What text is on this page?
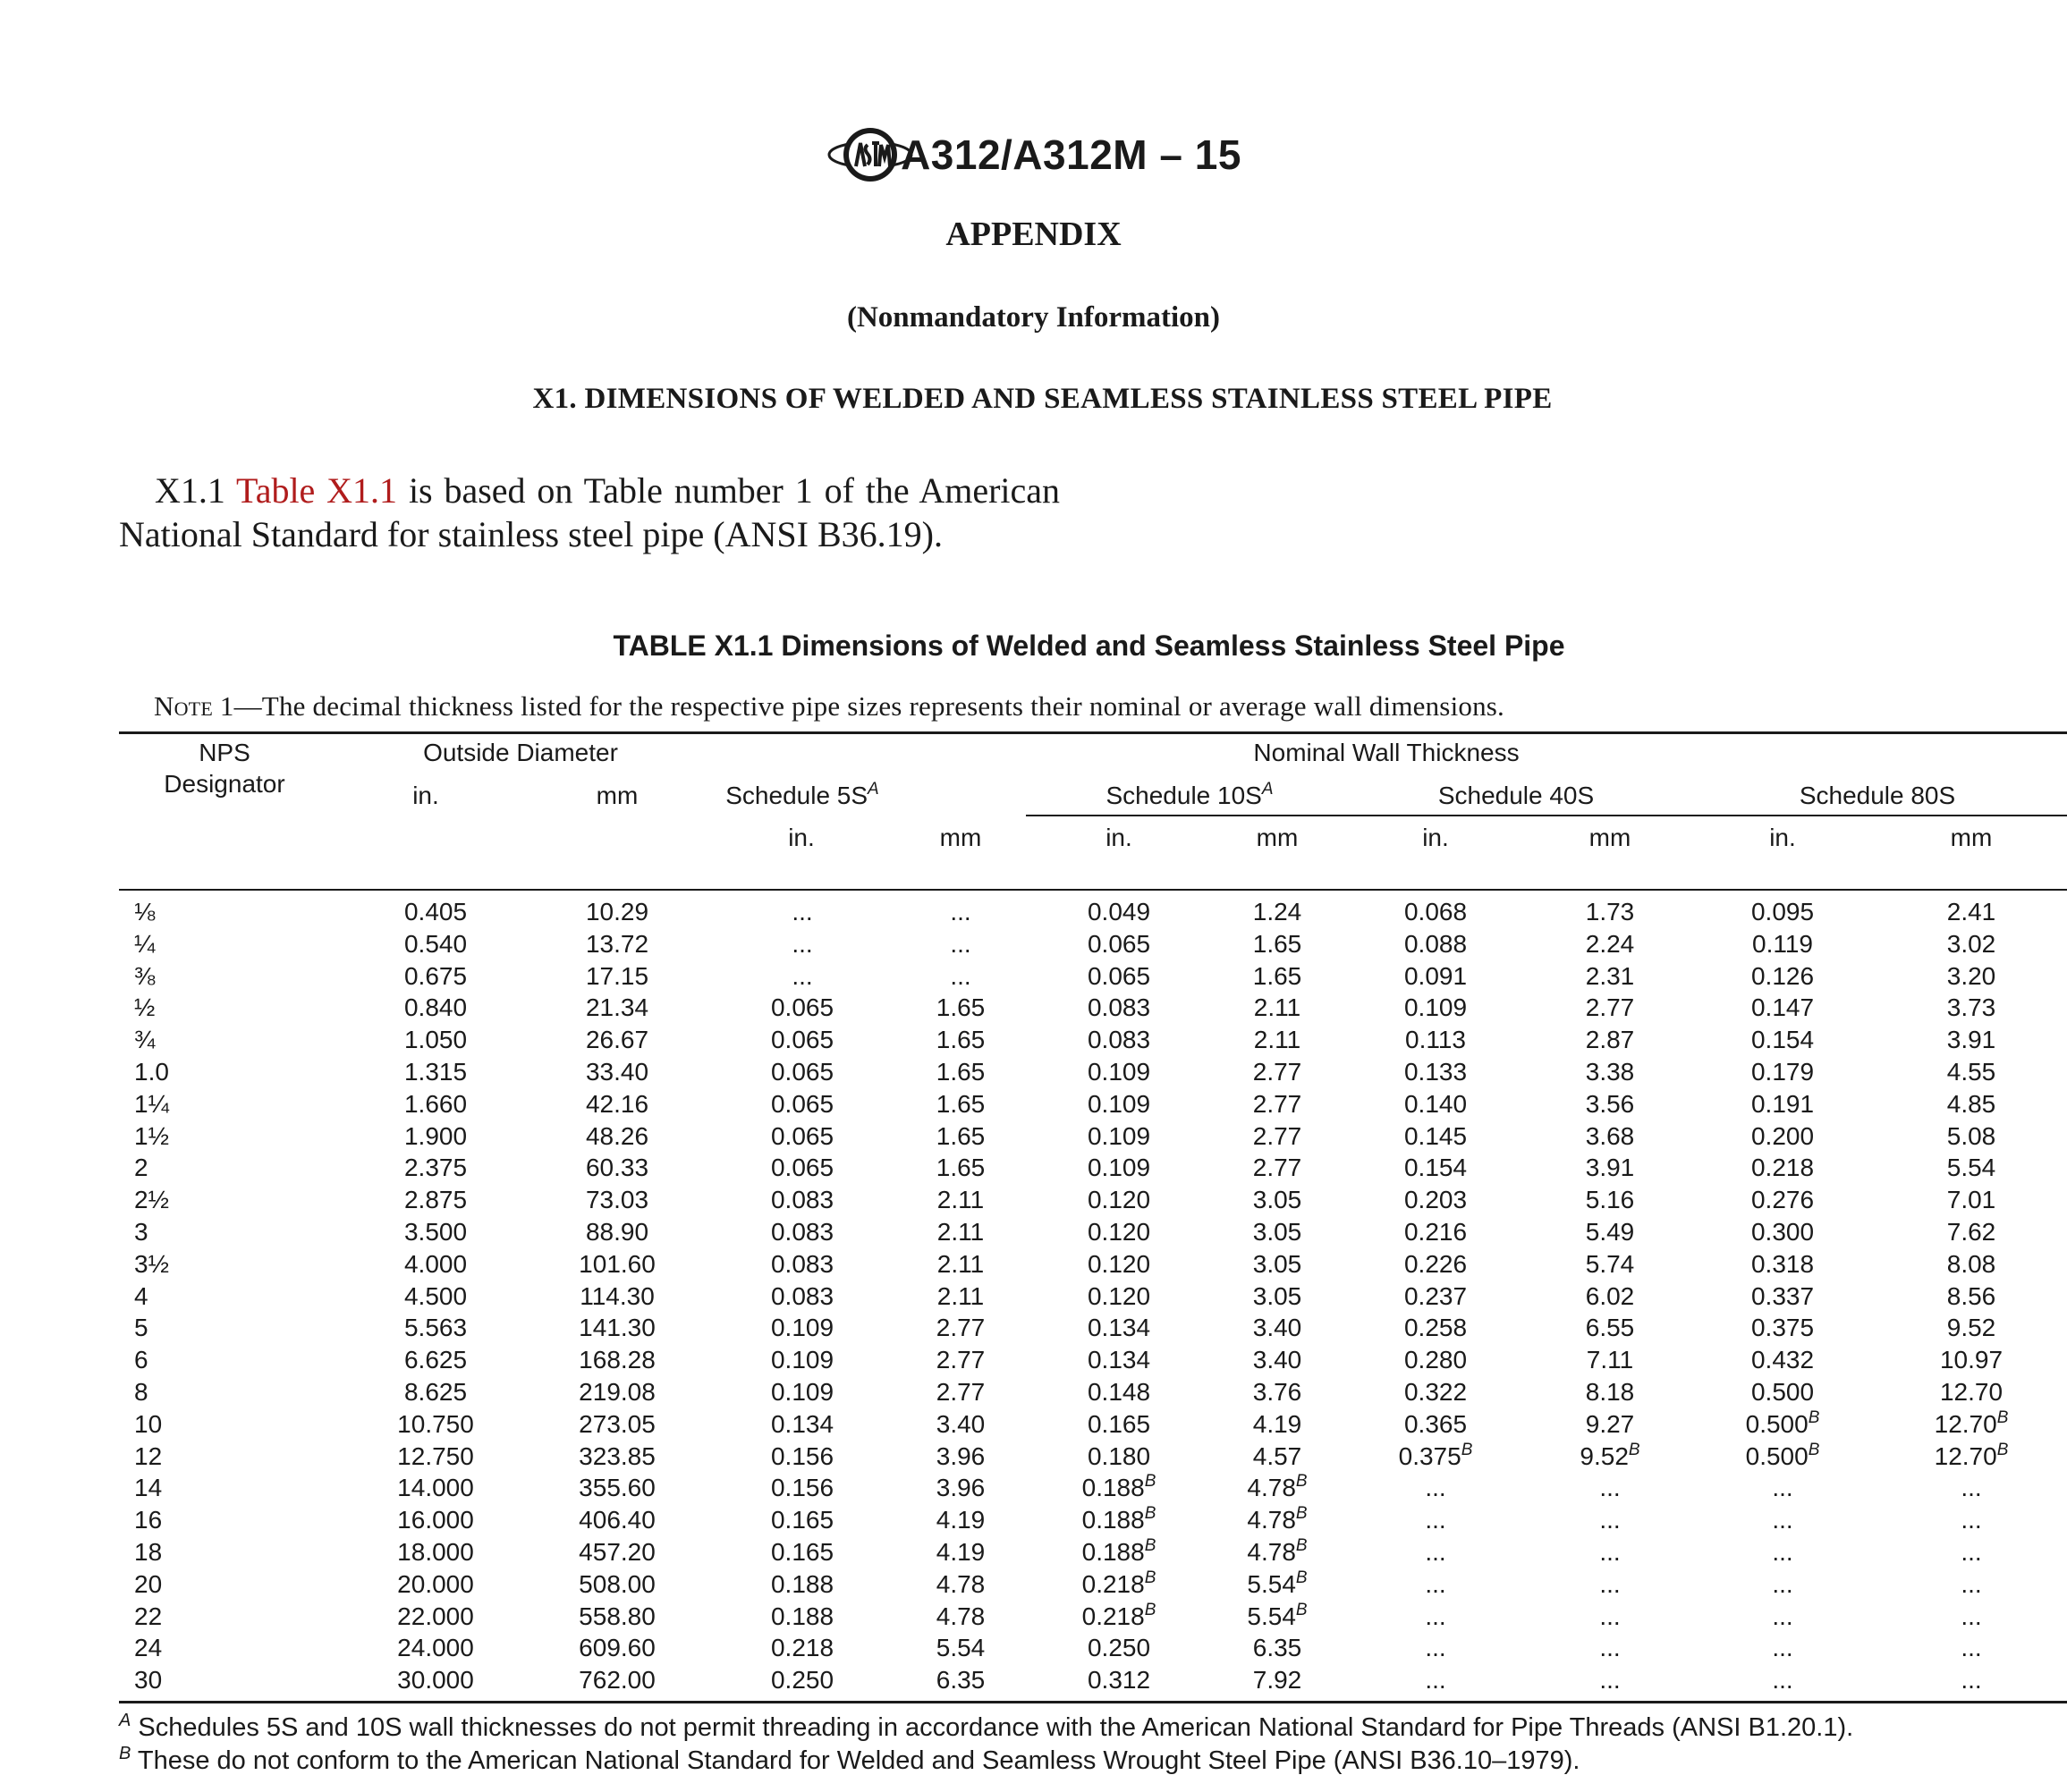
A312/A312M – 15
APPENDIX
(Nonmandatory Information)
X1. DIMENSIONS OF WELDED AND SEAMLESS STAINLESS STEEL PIPE
X1.1 Table X1.1 is based on Table number 1 of the American National Standard for stainless steel pipe (ANSI B36.19).
TABLE X1.1 Dimensions of Welded and Seamless Stainless Steel Pipe
Note 1—The decimal thickness listed for the respective pipe sizes represents their nominal or average wall dimensions.
NPS
Designator
Outside Diameter	Nominal Wall Thickness
in.	mm	Schedule $5S^A$	Schedule $10S^A$	Schedule 40S	Schedule 80S
in.	mm	in.	mm	in.	mm	in.	mm
⅛	0.405	10.29	...	...	0.049	1.24	0.068	1.73	0.095	2.41
¼	0.540	13.72	...	...	0.065	1.65	0.088	2.24	0.119	3.02
⅜	0.675	17.15	...	...	0.065	1.65	0.091	2.31	0.126	3.20
½	0.840	21.34	0.065	1.65	0.083	2.11	0.109	2.77	0.147	3.73
¾	1.050	26.67	0.065	1.65	0.083	2.11	0.113	2.87	0.154	3.91
1.0	1.315	33.40	0.065	1.65	0.109	2.77	0.133	3.38	0.179	4.55
1¼	1.660	42.16	0.065	1.65	0.109	2.77	0.140	3.56	0.191	4.85
1½	1.900	48.26	0.065	1.65	0.109	2.77	0.145	3.68	0.200	5.08
2	2.375	60.33	0.065	1.65	0.109	2.77	0.154	3.91	0.218	5.54
2½	2.875	73.03	0.083	2.11	0.120	3.05	0.203	5.16	0.276	7.01
3	3.500	88.90	0.083	2.11	0.120	3.05	0.216	5.49	0.300	7.62
3½	4.000	101.60	0.083	2.11	0.120	3.05	0.226	5.74	0.318	8.08
4	4.500	114.30	0.083	2.11	0.120	3.05	0.237	6.02	0.337	8.56
5	5.563	141.30	0.109	2.77	0.134	3.40	0.258	6.55	0.375	9.52
6	6.625	168.28	0.109	2.77	0.134	3.40	0.280	7.11	0.432	10.97
8	8.625	219.08	0.109	2.77	0.148	3.76	0.322	8.18	0.500	12.70
10	10.750	273.05	0.134	3.40	0.165	4.19	0.365	9.27	$0.500^B$	$12.70^B$
12	12.750	323.85	0.156	3.96	0.180	4.57	$0.375^B$	$9.52^B$	$0.500^B$	$12.70^B$
14	14.000	355.60	0.156	3.96	$0.188^B$	$4.78^B$	...	...	...	...
16	16.000	406.40	0.165	4.19	$0.188^B$	$4.78^B$	...	...	...	...
18	18.000	457.20	0.165	4.19	$0.188^B$	$4.78^B$	...	...	...	...
20	20.000	508.00	0.188	4.78	$0.218^B$	$5.54^B$	...	...	...	...
22	22.000	558.80	0.188	4.78	$0.218^B$	$5.54^B$	...	...	...	...
24	24.000	609.60	0.218	5.54	0.250	6.35	...	...	...	...
30	30.000	762.00	0.250	6.35	0.312	7.92	...	...	...	...
$^A$ Schedules 5S and 10S wall thicknesses do not permit threading in accordance with the American National Standard for Pipe Threads (ANSI B1.20.1).
$^B$ These do not conform to the American National Standard for Welded and Seamless Wrought Steel Pipe (ANSI B36.10–1979).
